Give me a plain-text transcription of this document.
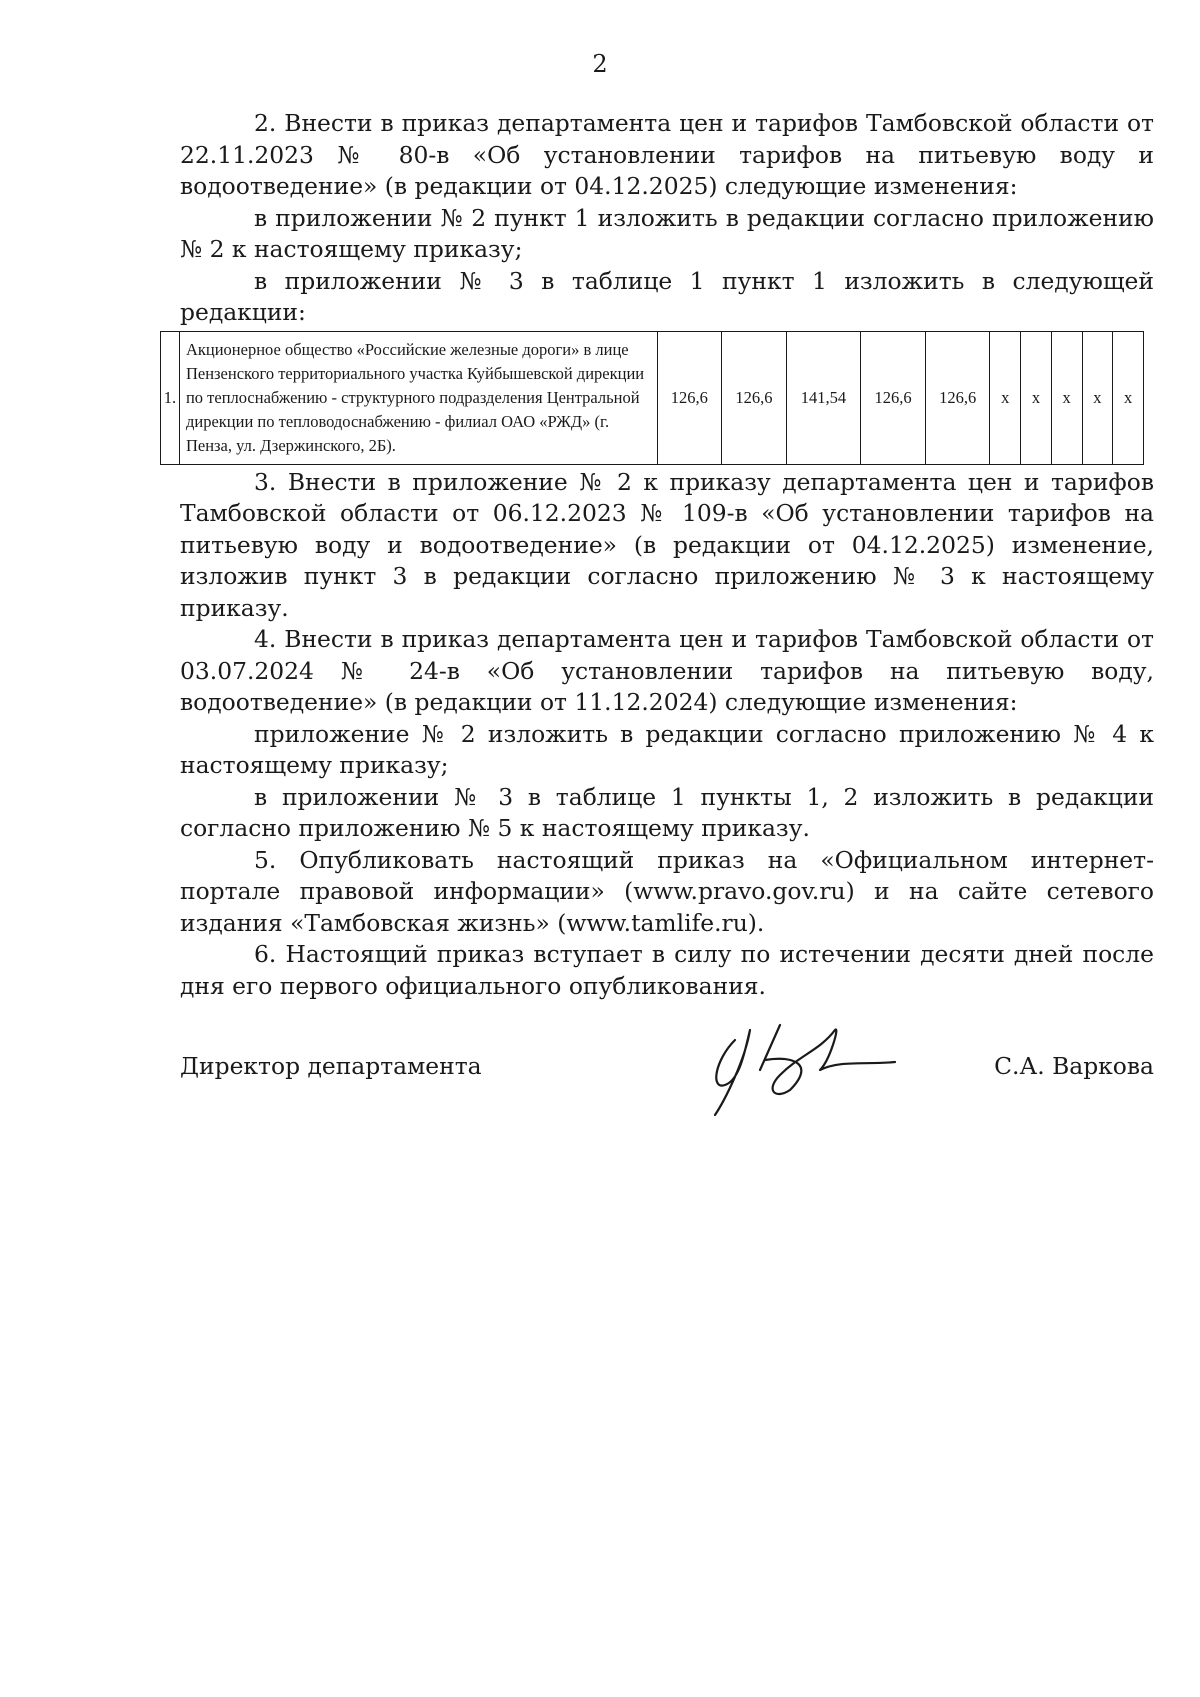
2

2. Внести в приказ департамента цен и тарифов Тамбовской области от 22.11.2023 № 80-в «Об установлении тарифов на питьевую воду и водоотведение» (в редакции от 04.12.2025) следующие изменения:

в приложении № 2 пункт 1 изложить в редакции согласно приложению № 2 к настоящему приказу;

в приложении № 3 в таблице 1 пункт 1 изложить в следующей редакции:

1.	Акционерное общество «Российские железные дороги» в лице Пензенского территориального участка Куйбышевской дирекции по теплоснабжению - структурного подразделения Центральной дирекции по тепловодоснабжению - филиал ОАО «РЖД» (г. Пенза, ул. Дзержинского, 2Б).	126,6	126,6	141,54	126,6	126,6	х	х	х	х	х

3. Внести в приложение № 2 к приказу департамента цен и тарифов Тамбовской области от 06.12.2023 № 109-в «Об установлении тарифов на питьевую воду и водоотведение» (в редакции от 04.12.2025) изменение, изложив пункт 3 в редакции согласно приложению № 3 к настоящему приказу.

4. Внести в приказ департамента цен и тарифов Тамбовской области от 03.07.2024 № 24-в «Об установлении тарифов на питьевую воду, водоотведение» (в редакции от 11.12.2024) следующие изменения:

приложение № 2 изложить в редакции согласно приложению № 4 к настоящему приказу;

в приложении № 3 в таблице 1 пункты 1, 2 изложить в редакции согласно приложению № 5 к настоящему приказу.

5. Опубликовать настоящий приказ на «Официальном интернет-портале правовой информации» (www.pravo.gov.ru) и на сайте сетевого издания «Тамбовская жизнь» (www.tamlife.ru).

6. Настоящий приказ вступает в силу по истечении десяти дней после дня его первого официального опубликования.

Директор департамента	С.А. Варкова
